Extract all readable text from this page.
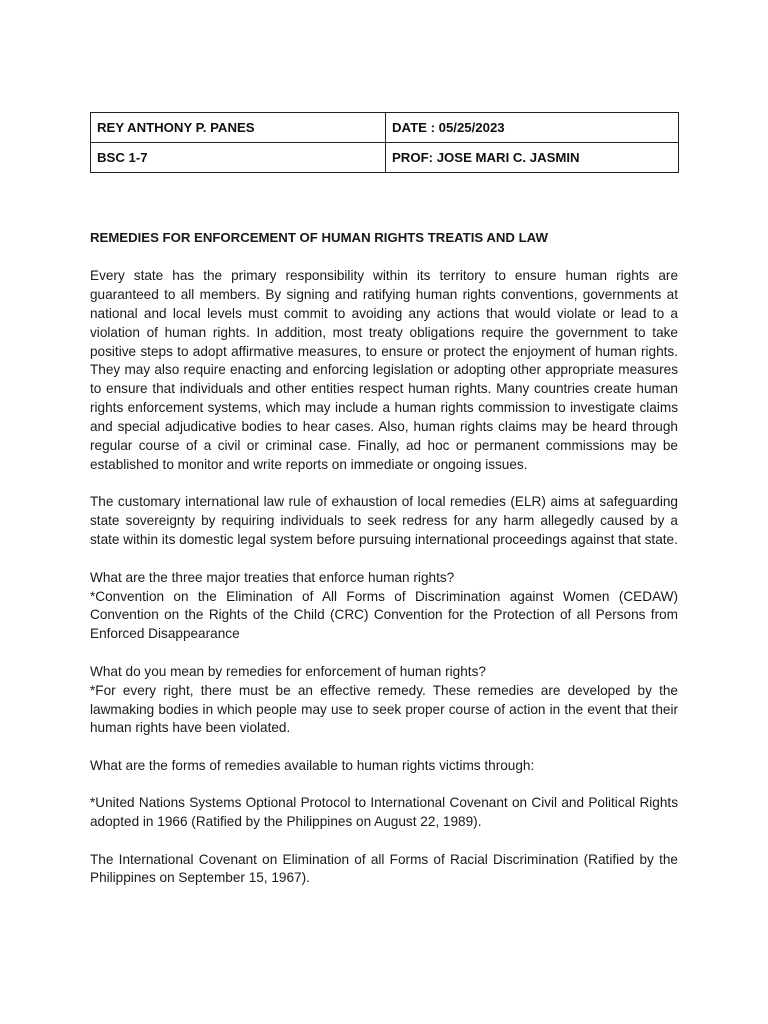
REY ANTHONY P. PANES	DATE : 05/25/2023
BSC 1-7	PROF: JOSE MARI C. JASMIN
REMEDIES FOR ENFORCEMENT OF HUMAN RIGHTS TREATIS AND LAW

Every state has the primary responsibility within its territory to ensure human rights are guaranteed to all members. By signing and ratifying human rights conventions, governments at national and local levels must commit to avoiding any actions that would violate or lead to a violation of human rights. In addition, most treaty obligations require the government to take positive steps to adopt affirmative measures, to ensure or protect the enjoyment of human rights. They may also require enacting and enforcing legislation or adopting other appropriate measures to ensure that individuals and other entities respect human rights. Many countries create human rights enforcement systems, which may include a human rights commission to investigate claims and special adjudicative bodies to hear cases. Also, human rights claims may be heard through regular course of a civil or criminal case. Finally, ad hoc or permanent commissions may be established to monitor and write reports on immediate or ongoing issues.

The customary international law rule of exhaustion of local remedies (ELR) aims at safeguarding state sovereignty by requiring individuals to seek redress for any harm allegedly caused by a state within its domestic legal system before pursuing international proceedings against that state.

What are the three major treaties that enforce human rights?

*Convention on the Elimination of All Forms of Discrimination against Women (CEDAW) Convention on the Rights of the Child (CRC) Convention for the Protection of all Persons from Enforced Disappearance

What do you mean by remedies for enforcement of human rights?

*For every right, there must be an effective remedy. These remedies are developed by the lawmaking bodies in which people may use to seek proper course of action in the event that their human rights have been violated.

What are the forms of remedies available to human rights victims through:

*United Nations Systems Optional Protocol to International Covenant on Civil and Political Rights adopted in 1966 (Ratified by the Philippines on August 22, 1989).

The International Covenant on Elimination of all Forms of Racial Discrimination (Ratified by the Philippines on September 15, 1967).
